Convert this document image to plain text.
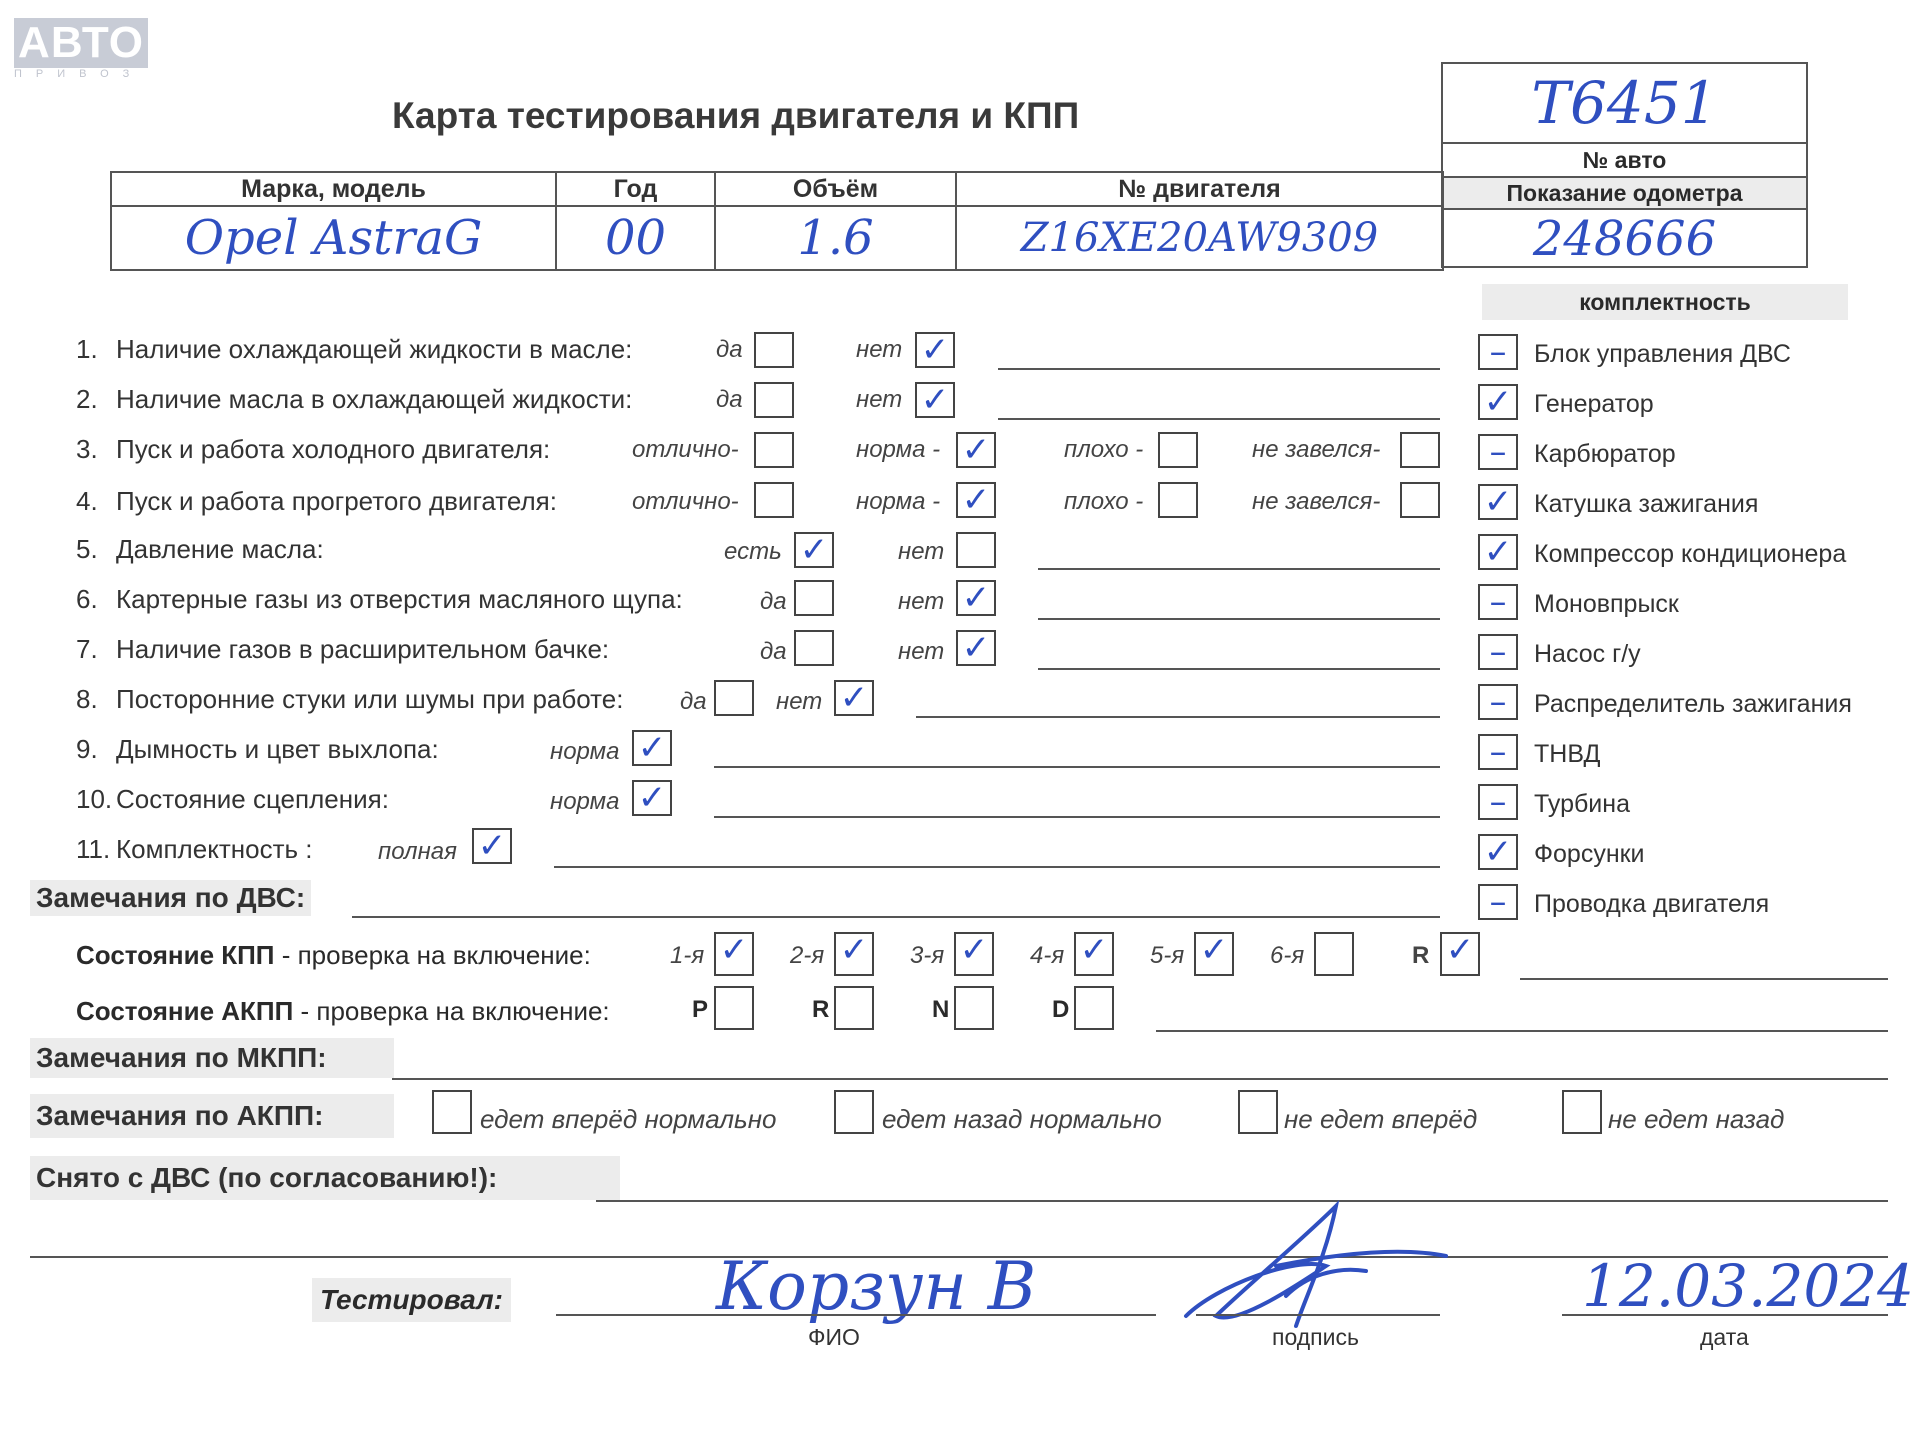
АВТО
ПРИВОЗ
Карта тестирования двигателя и КПП	T6451
№ авто
Показание одометра
248666
Марка, модель	Год	Объём	№ двигателя
Opel AstraG	00	1.6	Z16XE20AW9309
комплектность
1. Наличие охлаждающей жидкости в масле:	да	нет ✓
2. Наличие масла в охлаждающей жидкости:	да	нет ✓
3. Пуск и работа холодного двигателя:	отлично-	норма - ✓	плохо -	не завелся-
4. Пуск и работа прогретого двигателя:	отлично-	норма - ✓	плохо -	не завелся-
5. Давление масла:	есть ✓	нет
6. Картерные газы из отверстия масляного щупа:	да	нет ✓
7. Наличие газов в расширительном бачке:	да	нет ✓
8. Посторонние стуки или шумы при работе: да	нет ✓
9. Дымность и цвет выхлопа:	норма ✓
10. Состояние сцепления:	норма ✓
11. Комплектность :	полная ✓
–	Блок управления ДВС
✓ Генератор
–	Карбюратор
✓ Катушка зажигания
✓ Компрессор кондиционера
–	Моновпрыск
–	Насос г/у
–	Распределитель зажигания
–	ТНВД
–	Турбина
✓ Форсунки
–	Проводка двигателя
Замечания по ДВС:
Состояние КПП - проверка на включение:	1-я ✓ 2-я ✓ 3-я ✓ 4-я ✓ 5-я ✓ 6-я	R ✓
Состояние АКПП - проверка на включение:	P	R	N	D
Замечания по МКПП:
Замечания по АКПП:	едет вперёд нормально	едет назад нормально	не едет вперёд	не едет назад
Снято с ДВС (по согласованию!):
Тестировал:	Корзун В
ФИО	подпись
12.03.2024
дата
